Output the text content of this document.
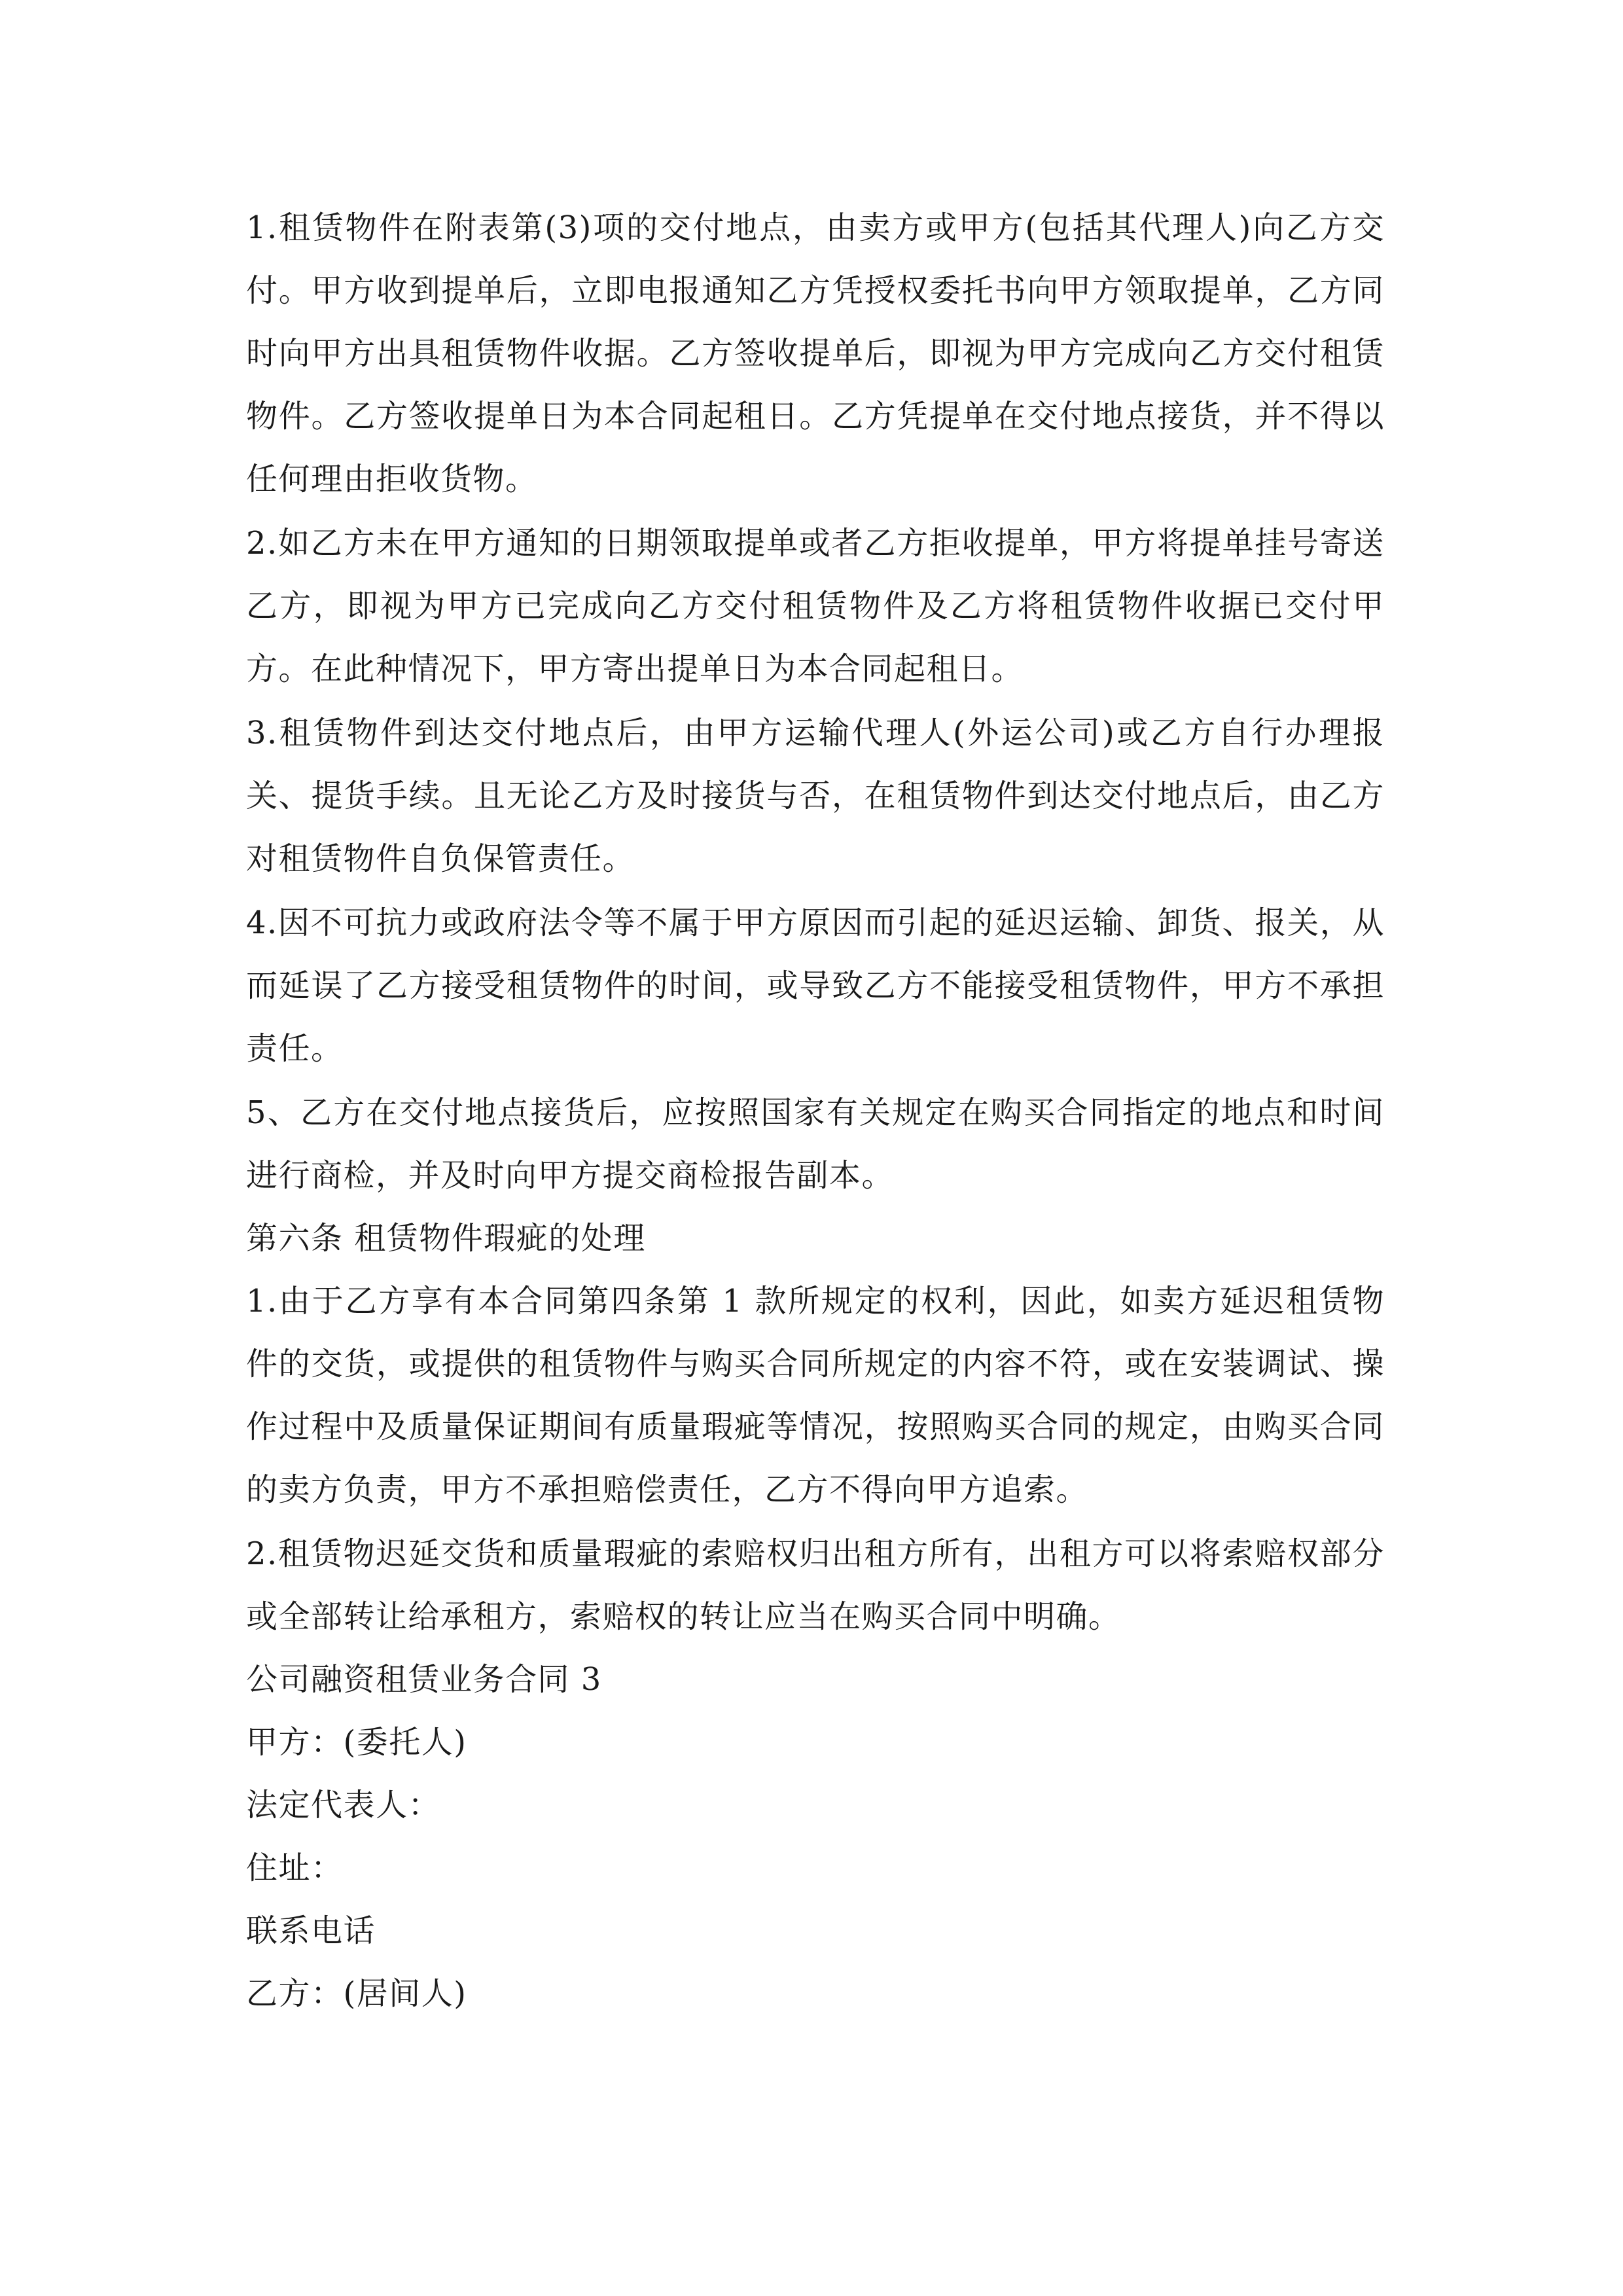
1.租赁物件在附表第(3)项的交付地点，由卖方或甲方(包括其代理人)向乙方交付。甲方收到提单后，立即电报通知乙方凭授权委托书向甲方领取提单，乙方同时向甲方出具租赁物件收据。乙方签收提单后，即视为甲方完成向乙方交付租赁物件。乙方签收提单日为本合同起租日。乙方凭提单在交付地点接货，并不得以任何理由拒收货物。

2.如乙方未在甲方通知的日期领取提单或者乙方拒收提单，甲方将提单挂号寄送乙方，即视为甲方已完成向乙方交付租赁物件及乙方将租赁物件收据已交付甲方。在此种情况下，甲方寄出提单日为本合同起租日。

3.租赁物件到达交付地点后，由甲方运输代理人(外运公司)或乙方自行办理报关、提货手续。且无论乙方及时接货与否，在租赁物件到达交付地点后，由乙方对租赁物件自负保管责任。

4.因不可抗力或政府法令等不属于甲方原因而引起的延迟运输、卸货、报关，从而延误了乙方接受租赁物件的时间，或导致乙方不能接受租赁物件，甲方不承担责任。

5、乙方在交付地点接货后，应按照国家有关规定在购买合同指定的地点和时间进行商检，并及时向甲方提交商检报告副本。

第六条 租赁物件瑕疵的处理

1.由于乙方享有本合同第四条第 1 款所规定的权利，因此，如卖方延迟租赁物件的交货，或提供的租赁物件与购买合同所规定的内容不符，或在安装调试、操作过程中及质量保证期间有质量瑕疵等情况，按照购买合同的规定，由购买合同的卖方负责，甲方不承担赔偿责任，乙方不得向甲方追索。

2.租赁物迟延交货和质量瑕疵的索赔权归出租方所有，出租方可以将索赔权部分或全部转让给承租方，索赔权的转让应当在购买合同中明确。

公司融资租赁业务合同 3

甲方：(委托人)

法定代表人：

住址：

联系电话

乙方：(居间人)
